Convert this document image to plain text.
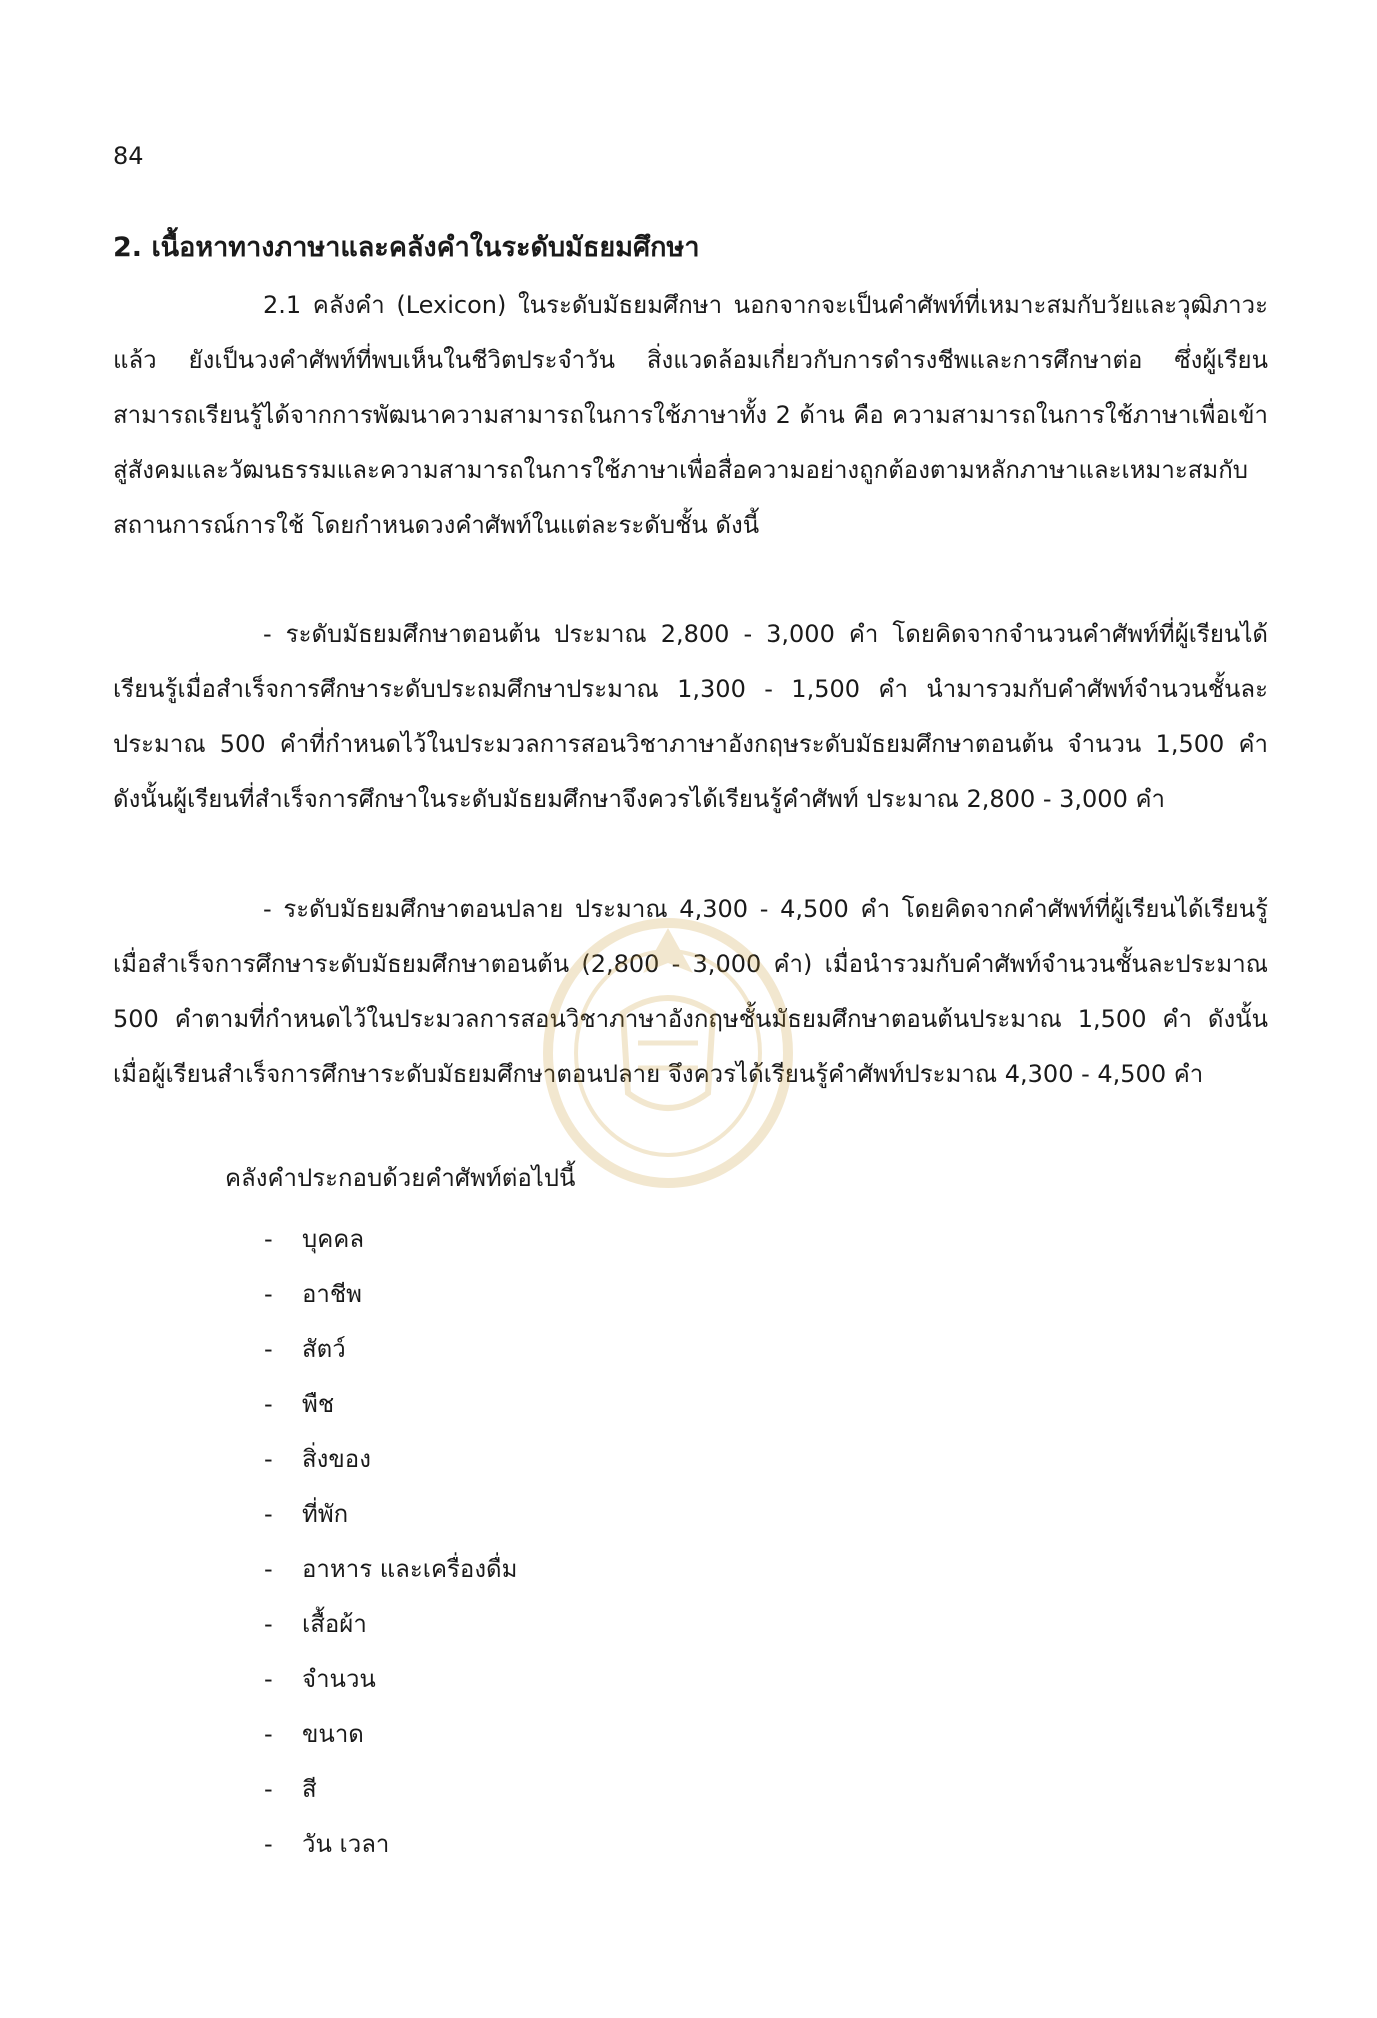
84
2. เนื้อหาทางภาษาและคลังคำในระดับมัธยมศึกษา
2.1 คลังคำ (Lexicon) ในระดับมัธยมศึกษา นอกจากจะเป็นคำศัพท์ที่เหมาะสมกับวัยและวุฒิภาวะแล้ว ยังเป็นวงคำศัพท์ที่พบเห็นในชีวิตประจำวัน สิ่งแวดล้อมเกี่ยวกับการดำรงชีพและการศึกษาต่อ ซึ่งผู้เรียนสามารถเรียนรู้ได้จากการพัฒนาความสามารถในการใช้ภาษาทั้ง 2 ด้าน คือ ความสามารถในการใช้ภาษาเพื่อเข้าสู่สังคมและวัฒนธรรมและความสามารถในการใช้ภาษาเพื่อสื่อความอย่างถูกต้องตามหลักภาษาและเหมาะสมกับสถานการณ์การใช้ โดยกำหนดวงคำศัพท์ในแต่ละระดับชั้น ดังนี้
- ระดับมัธยมศึกษาตอนต้น ประมาณ 2,800 - 3,000 คำ โดยคิดจากจำนวนคำศัพท์ที่ผู้เรียนได้เรียนรู้เมื่อสำเร็จการศึกษาระดับประถมศึกษาประมาณ 1,300 - 1,500 คำ นำมารวมกับคำศัพท์จำนวนชั้นละประมาณ 500 คำที่กำหนดไว้ในประมวลการสอนวิชาภาษาอังกฤษระดับมัธยมศึกษาตอนต้น จำนวน 1,500 คำ ดังนั้นผู้เรียนที่สำเร็จการศึกษาในระดับมัธยมศึกษาจึงควรได้เรียนรู้คำศัพท์ ประมาณ 2,800 - 3,000 คำ
- ระดับมัธยมศึกษาตอนปลาย ประมาณ 4,300 - 4,500 คำ โดยคิดจากคำศัพท์ที่ผู้เรียนได้เรียนรู้เมื่อสำเร็จการศึกษาระดับมัธยมศึกษาตอนต้น (2,800 - 3,000 คำ) เมื่อนำรวมกับคำศัพท์จำนวนชั้นละประมาณ 500 คำตามที่กำหนดไว้ในประมวลการสอนวิชาภาษาอังกฤษชั้นมัธยมศึกษาตอนต้นประมาณ 1,500 คำ ดังนั้น เมื่อผู้เรียนสำเร็จการศึกษาระดับมัธยมศึกษาตอนปลาย จึงควรได้เรียนรู้คำศัพท์ประมาณ 4,300 - 4,500 คำ
คลังคำประกอบด้วยคำศัพท์ต่อไปนี้
- บุคคล
- อาชีพ
- สัตว์
- พืช
- สิ่งของ
- ที่พัก
- อาหาร และเครื่องดื่ม
- เสื้อผ้า
- จำนวน
- ขนาด
- สี
- วัน เวลา
